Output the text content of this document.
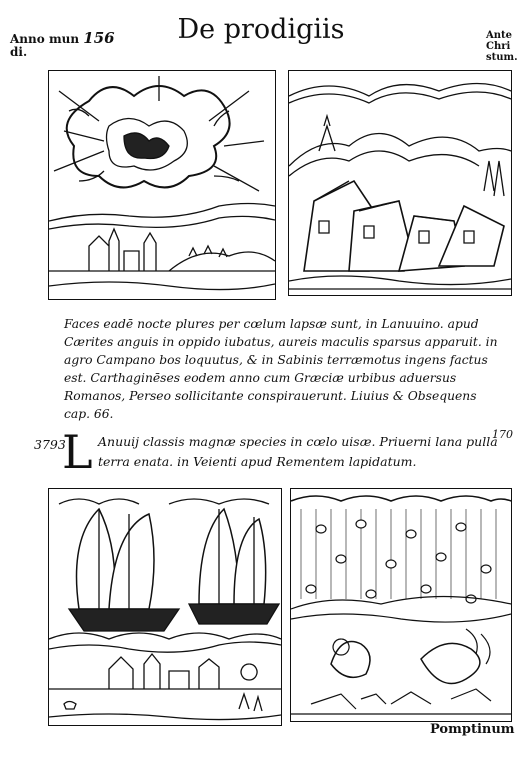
Anno mun 156
di.
De prodigiis	Ante Chri
stum.
Faces eadē nocte plures per cœlum lapsæ sunt, in Lanuuino. apud Cærites anguis in oppido iubatus, aureis maculis sparsus apparuit. in agro Campano bos loquutus, & in Sabinis terræmotus ingens factus est. Carthaginēses eodem anno cum Græciæ urbibus aduersus Romanos, Perseo sollicitante conspirauerunt. Liuius & Obsequens cap. 66.
3793
L Anuuij classis magnæ species in cœlo uisæ. Priuerni lana pulla terra enata. in Veienti apud Rementem lapidatum.
170
Pomptinum
